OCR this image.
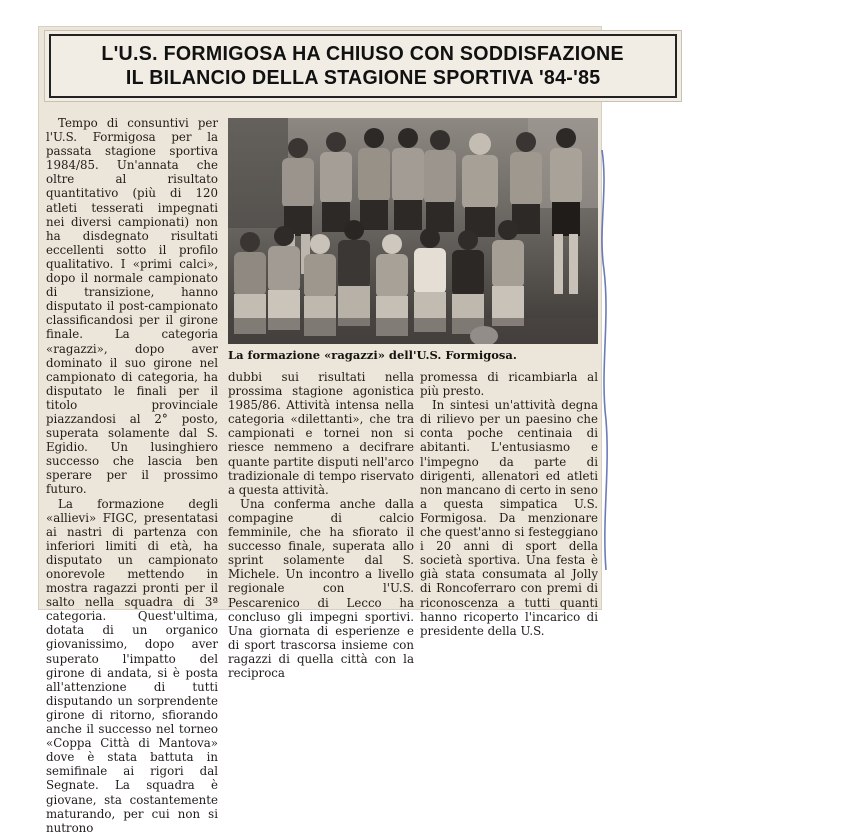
L'U.S. FORMIGOSA HA CHIUSO CON SODDISFAZIONE
IL BILANCIO DELLA STAGIONE SPORTIVA '84-'85

Tempo di consuntivi per l'U.S. Formigosa per la passata stagione sportiva 1984/85. Un'annata che oltre al risultato quantitativo (più di 120 atleti tesserati impegnati nei diversi campionati) non ha disdegnato risultati eccellenti sotto il profilo qualitativo. I «primi calci», dopo il normale campionato di transizione, hanno disputato il post-campionato classificandosi per il girone finale. La categoria «ragazzi», dopo aver dominato il suo girone nel campionato di categoria, ha disputato le finali per il titolo provinciale piazzandosi al 2° posto, superata solamente dal S. Egidio. Un lusinghiero successo che lascia ben sperare per il prossimo futuro.

La formazione degli «allievi» FIGC, presentatasi ai nastri di partenza con inferiori limiti di età, ha disputato un campionato onorevole mettendo in mostra ragazzi pronti per il salto nella squadra di 3ª categoria. Quest'ultima, dotata di un organico giovanissimo, dopo aver superato l'impatto del girone di andata, si è posta all'attenzione di tutti disputando un sorprendente girone di ritorno, sfiorando anche il successo nel torneo «Coppa Città di Mantova» dove è stata battuta in semifinale ai rigori dal Segnate. La squadra è giovane, sta costantemente maturando, per cui non si nutrono

La formazione «ragazzi» dell'U.S. Formigosa.

dubbi sui risultati nella prossima stagione agonistica 1985/86. Attività intensa nella categoria «dilettanti», che tra campionati e tornei non si riesce nemmeno a decifrare quante partite disputi nell'arco tradizionale di tempo riservato a questa attività.

Una conferma anche dalla compagine di calcio femminile, che ha sfiorato il successo finale, superata allo sprint solamente dal S. Michele. Un incontro a livello regionale con l'U.S. Pescarenico di Lecco ha concluso gli impegni sportivi. Una giornata di esperienze e di sport trascorsa insieme con ragazzi di quella città con la reciproca

promessa di ricambiarla al più presto.

In sintesi un'attività degna di rilievo per un paesino che conta poche centinaia di abitanti. L'entusiasmo e l'impegno da parte di dirigenti, allenatori ed atleti non mancano di certo in seno a questa simpatica U.S. Formigosa. Da menzionare che quest'anno si festeggiano i 20 anni di sport della società sportiva. Una festa è già stata consumata al Jolly di Roncoferraro con premi di riconoscenza a tutti quanti hanno ricoperto l'incarico di presidente della U.S.
